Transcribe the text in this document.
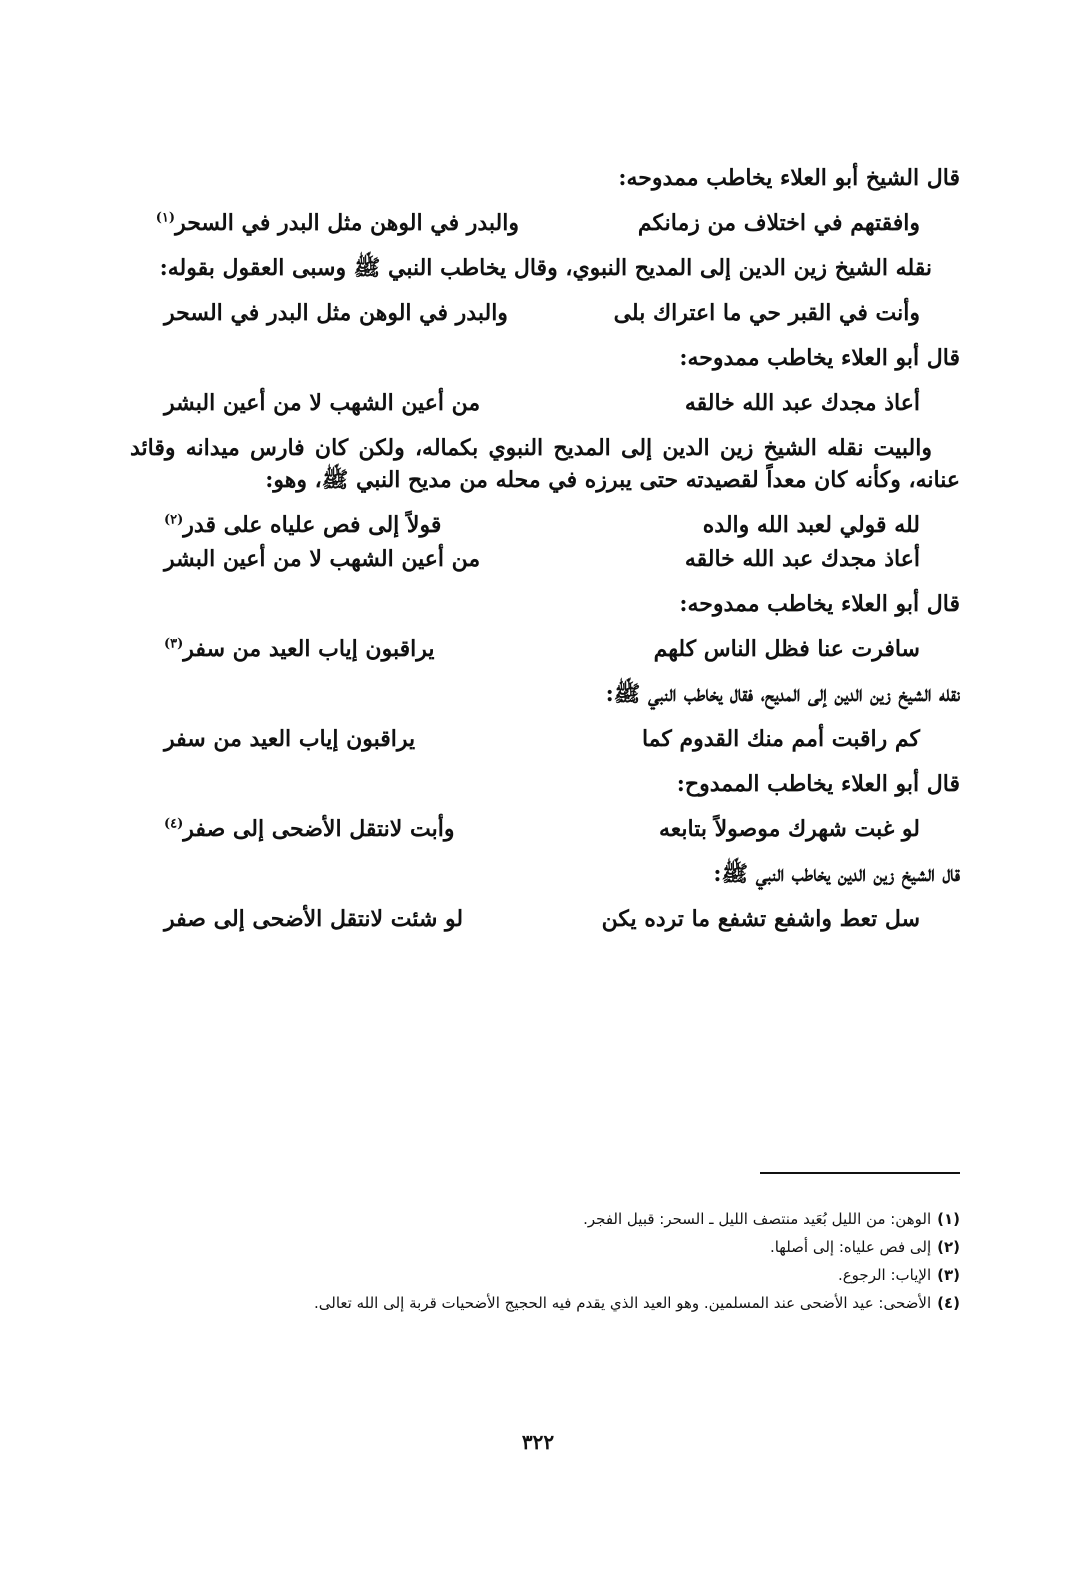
قال الشيخ أبو العلاء يخاطب ممدوحه:

وافقتهم في اختلاف من زمانكم
والبدر في الوهن مثل البدر في السحر$^{(١)}$

نقله الشيخ زين الدين إلى المديح النبوي، وقال يخاطب النبي ﷺ وسبى العقول بقوله:

وأنت في القبر حي ما اعتراك بلى
والبدر في الوهن مثل البدر في السحر

قال أبو العلاء يخاطب ممدوحه:

أعاذ مجدك عبد الله خالقه
من أعين الشهب لا من أعين البشر

والبيت نقله الشيخ زين الدين إلى المديح النبوي بكماله، ولكن كان فارس ميدانه وقائد عنانه، وكأنه كان معداً لقصيدته حتى يبرزه في محله من مديح النبي ﷺ، وهو:

لله قولي لعبد الله والده
قولاً إلى فص علياه على قدر$^{(٢)}$
أعاذ مجدك عبد الله خالقه
من أعين الشهب لا من أعين البشر

قال أبو العلاء يخاطب ممدوحه:

سافرت عنا فظل الناس كلهم
يراقبون إياب العيد من سفر$^{(٣)}$

نقله الشيخ زين الدين إلى المديح، فقال يخاطب النبي ﷺ:

كم راقبت أمم منك القدوم كما
يراقبون إياب العيد من سفر

قال أبو العلاء يخاطب الممدوح:

لو غبت شهرك موصولاً بتابعه
وأبت لانتقل الأضحى إلى صفر$^{(٤)}$

قال الشيخ زين الدين يخاطب النبي ﷺ:

سل تعط واشفع تشفع ما ترده يكن
لو شئت لانتقل الأضحى إلى صفر

(١)الوهن: من الليل بُعَيد منتصف الليل ـ السحر: قبيل الفجر.

(٢)إلى فص علياه: إلى أصلها.

(٣)الإياب: الرجوع.

(٤)الأضحى: عيد الأضحى عند المسلمين. وهو العيد الذي يقدم فيه الحجيج الأضحيات قربة إلى الله تعالى.

٣٢٢
